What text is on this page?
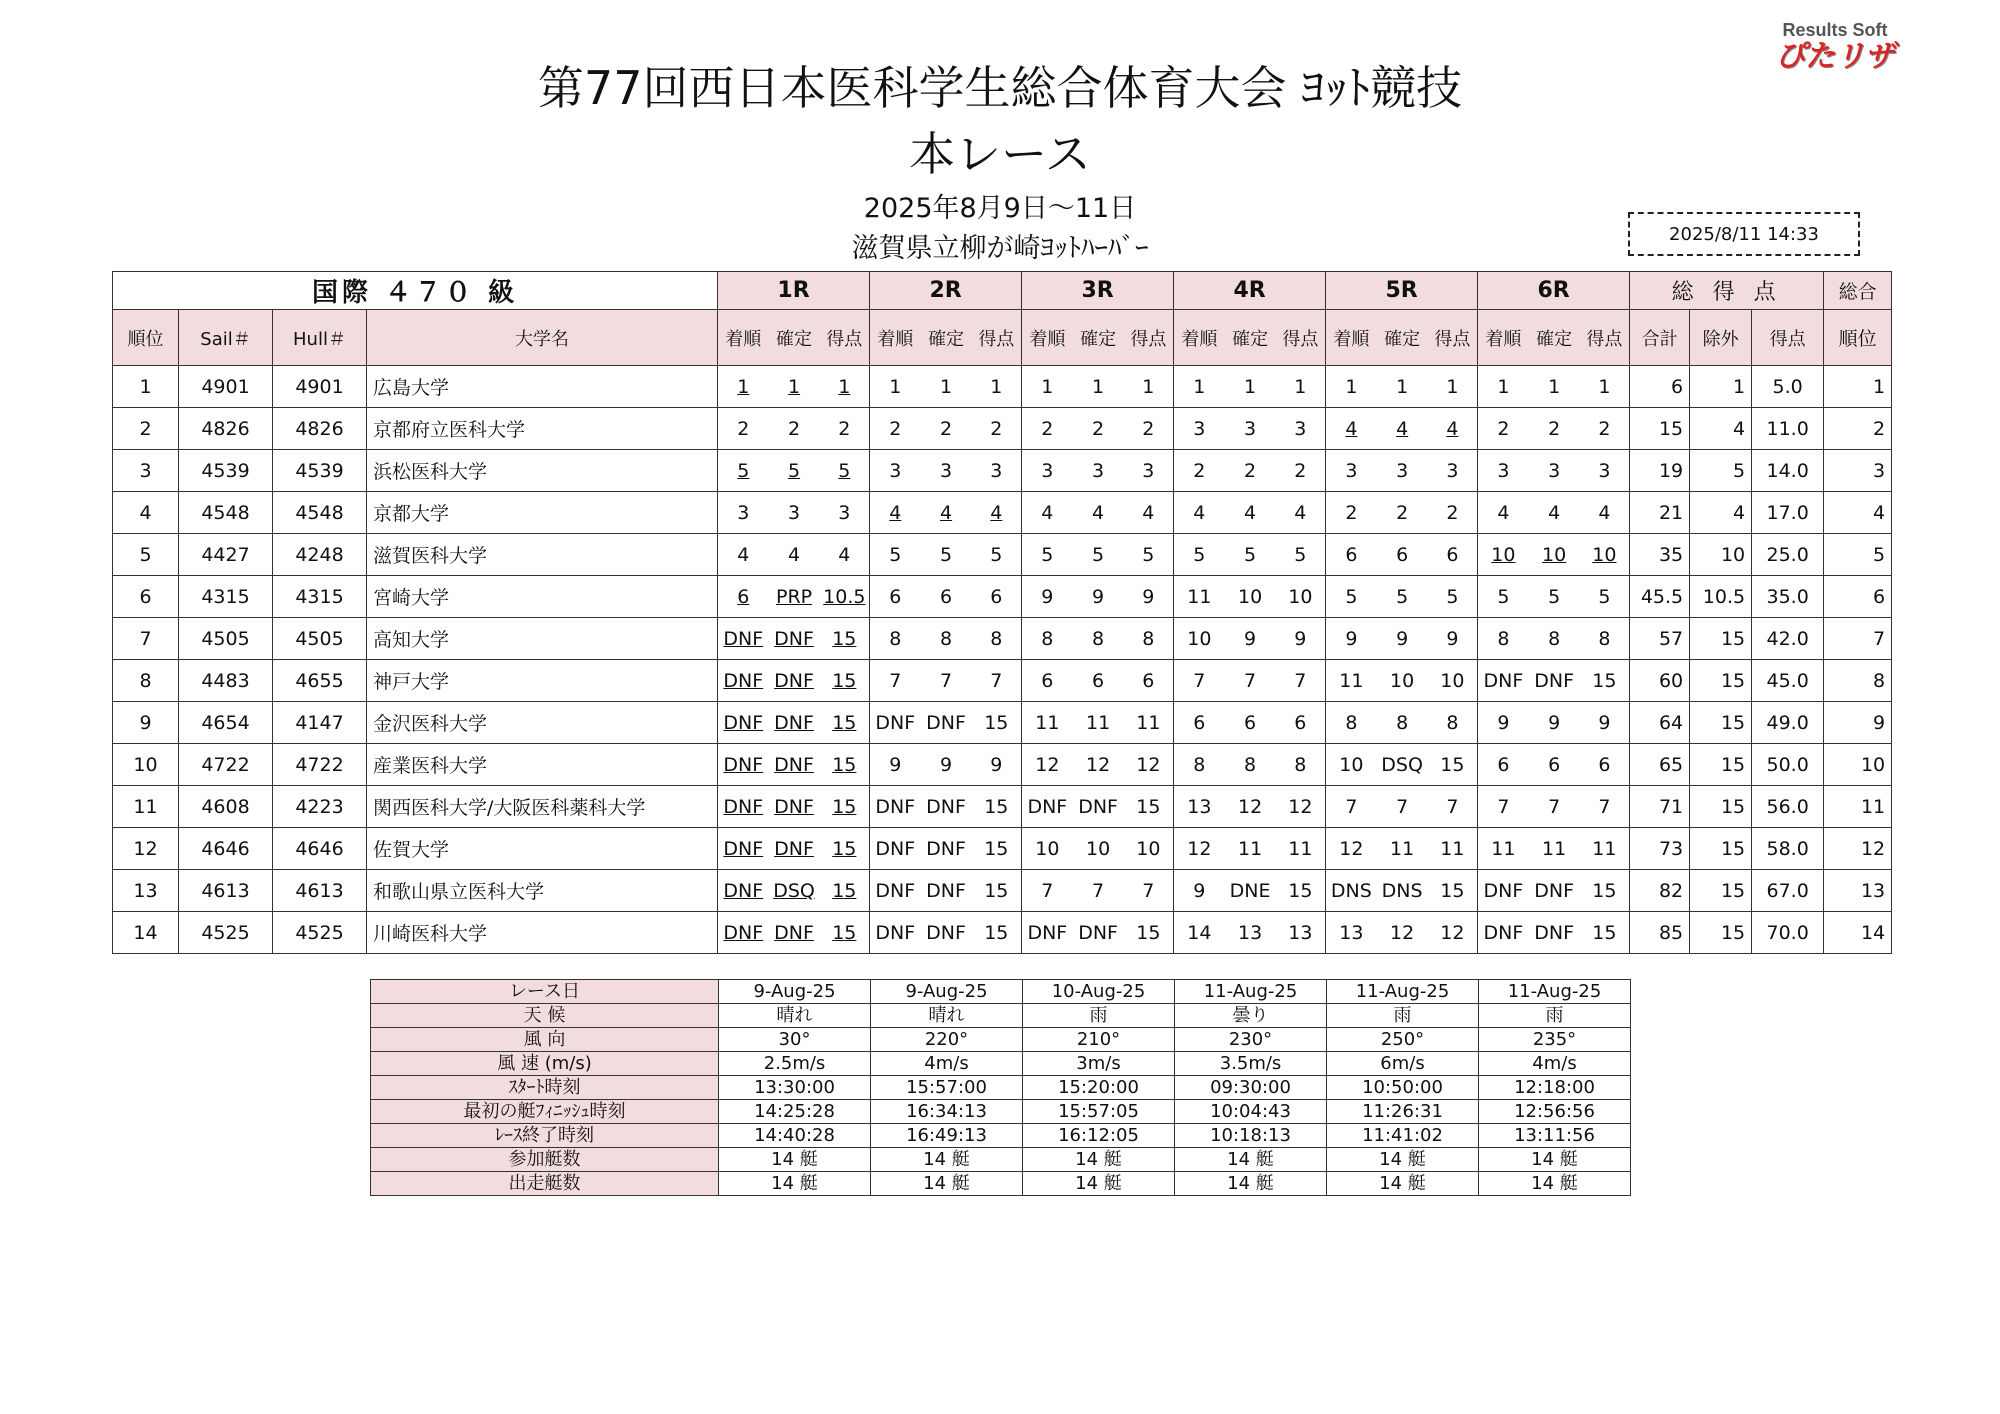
Results Soft
ぴたリザ
第77回西日本医科学生総合体育大会 ﾖｯﾄ競技
本レース
2025年8月9日～11日
滋賀県立柳が崎ﾖｯﾄﾊｰﾊﾞｰ	2025/8/11 14:33
国際 ４７０ 級				1R			2R			3R			4R			5R			6R			総 得 点			総合
順位	Sail＃	Hull＃	大学名	着順	確定	得点	着順	確定	得点	着順	確定	得点	着順	確定	得点	着順	確定	得点	着順	確定	得点	合計	除外	得点	順位
1	4901	4901	広島大学	1	1	1	1	1	1	1	1	1	1	1	1	1	1	1	1	1	1	6	1	5.0	1
2	4826	4826	京都府立医科大学	2	2	2	2	2	2	2	2	2	3	3	3	4	4	4	2	2	2	15	4	11.0	2
3	4539	4539	浜松医科大学	5	5	5	3	3	3	3	3	3	2	2	2	3	3	3	3	3	3	19	5	14.0	3
4	4548	4548	京都大学	3	3	3	4	4	4	4	4	4	4	4	4	2	2	2	4	4	4	21	4	17.0	4
5	4427	4248	滋賀医科大学	4	4	4	5	5	5	5	5	5	5	5	5	6	6	6	10	10	10	35	10	25.0	5
6	4315	4315	宮崎大学	6	PRP	10.5	6	6	6	9	9	9	11	10	10	5	5	5	5	5	5	45.5	10.5	35.0	6
7	4505	4505	高知大学	DNF	DNF	15	8	8	8	8	8	8	10	9	9	9	9	9	8	8	8	57	15	42.0	7
8	4483	4655	神戸大学	DNF	DNF	15	7	7	7	6	6	6	7	7	7	11	10	10	DNF	DNF	15	60	15	45.0	8
9	4654	4147	金沢医科大学	DNF	DNF	15	DNF	DNF	15	11	11	11	6	6	6	8	8	8	9	9	9	64	15	49.0	9
10	4722	4722	産業医科大学	DNF	DNF	15	9	9	9	12	12	12	8	8	8	10	DSQ	15	6	6	6	65	15	50.0	10
11	4608	4223	関西医科大学/大阪医科薬科大学	DNF	DNF	15	DNF	DNF	15	DNF	DNF	15	13	12	12	7	7	7	7	7	7	71	15	56.0	11
12	4646	4646	佐賀大学	DNF	DNF	15	DNF	DNF	15	10	10	10	12	11	11	12	11	11	11	11	11	73	15	58.0	12
13	4613	4613	和歌山県立医科大学	DNF	DSQ	15	DNF	DNF	15	7	7	7	9	DNE	15	DNS	DNS	15	DNF	DNF	15	82	15	67.0	13
14	4525	4525	川崎医科大学	DNF	DNF	15	DNF	DNF	15	DNF	DNF	15	14	13	13	13	12	12	DNF	DNF	15	85	15	70.0	14
レース日	9-Aug-25	9-Aug-25	10-Aug-25	11-Aug-25	11-Aug-25	11-Aug-25
天 候	晴れ	晴れ	雨	曇り	雨	雨
風 向	30°	220°	210°	230°	250°	235°
風 速 (m/s)	2.5m/s	4m/s	3m/s	3.5m/s	6m/s	4m/s
ｽﾀｰﾄ時刻	13:30:00	15:57:00	15:20:00	09:30:00	10:50:00	12:18:00
最初の艇ﾌｨﾆｯｼｭ時刻	14:25:28	16:34:13	15:57:05	10:04:43	11:26:31	12:56:56
ﾚｰｽ終了時刻	14:40:28	16:49:13	16:12:05	10:18:13	11:41:02	13:11:56
参加艇数	14 艇	14 艇	14 艇	14 艇	14 艇	14 艇
出走艇数	14 艇	14 艇	14 艇	14 艇	14 艇	14 艇
